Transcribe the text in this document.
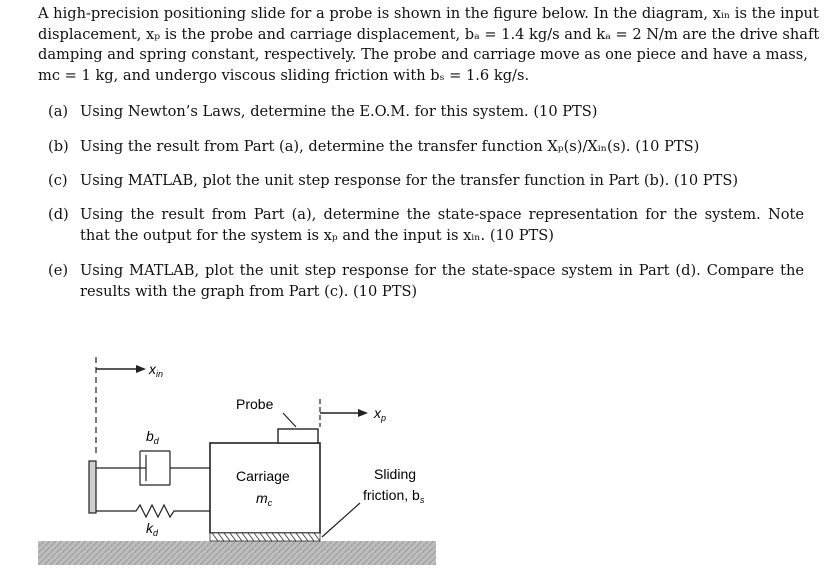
A high-precision positioning slide for a probe is shown in the figure below. In the diagram, xᵢₙ is the input
displacement, xₚ is the probe and carriage displacement, bₐ = 1.4 kg/s and kₐ = 2 N/m are the drive shaft
damping and spring constant, respectively. The probe and carriage move as one piece and have a mass,
mᴄ = 1 kg, and undergo viscous sliding friction with bₛ = 1.6 kg/s.
(a) Using Newton’s Laws, determine the E.O.M. for this system. (10 PTS)
(b) Using the result from Part (a), determine the transfer function Xₚ(s)/Xᵢₙ(s). (10 PTS)
(c) Using MATLAB, plot the unit step response for the transfer function in Part (b). (10 PTS)
(d) Using the result from Part (a), determine the state-space representation for the system. Note that the output for the system is xₚ and the input is xᵢₙ. (10 PTS)
(e) Using MATLAB, plot the unit step response for the state-space system in Part (d). Compare the results with the graph from Part (c). (10 PTS)
$x_{in}$
$b_d$
$k_d$
Carriage
$m_c$
Probe
$x_p$
Sliding
friction, $b_s$
